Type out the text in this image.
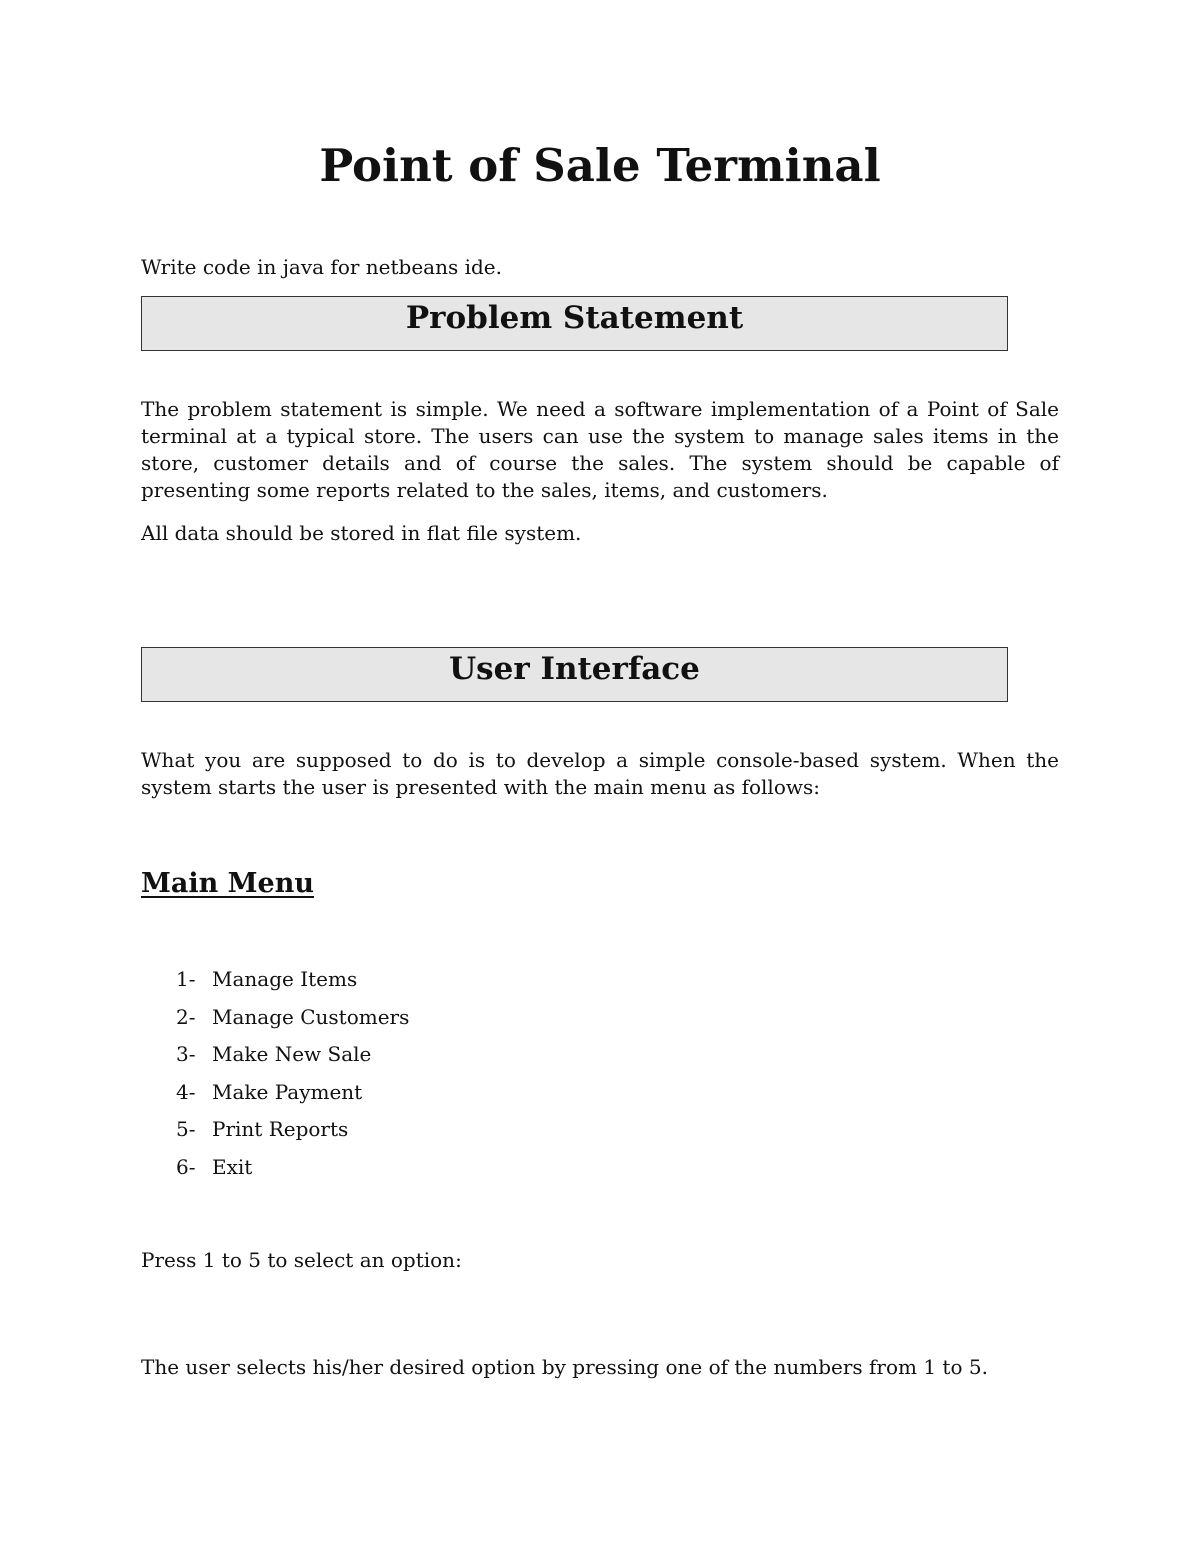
Point of Sale Terminal

Write code in java for netbeans ide.

Problem Statement

The problem statement is simple. We need a software implementation of a Point of Sale terminal at a typical store. The users can use the system to manage sales items in the store, customer details and of course the sales. The system should be capable of presenting some reports related to the sales, items, and customers.

All data should be stored in flat file system.

User Interface

What you are supposed to do is to develop a simple console-based system. When the system starts the user is presented with the main menu as follows:

Main Menu
1- Manage Items
2- Manage Customers
3- Make New Sale
4- Make Payment
5- Print Reports
6- Exit

Press 1 to 5 to select an option:

The user selects his/her desired option by pressing one of the numbers from 1 to 5.
